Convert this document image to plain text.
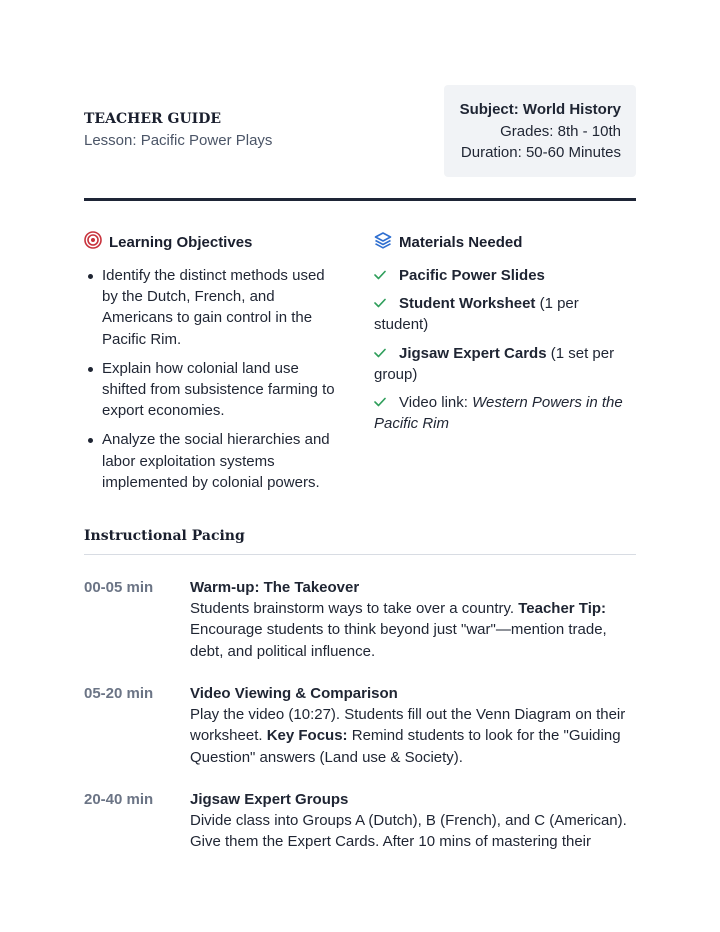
TEACHER GUIDE
Lesson: Pacific Power Plays
Subject: World History
Grades: 8th - 10th
Duration: 50-60 Minutes
Learning Objectives
Identify the distinct methods used by the Dutch, French, and Americans to gain control in the Pacific Rim.
Explain how colonial land use shifted from subsistence farming to export economies.
Analyze the social hierarchies and labor exploitation systems implemented by colonial powers.
Materials Needed
Pacific Power Slides
Student Worksheet (1 per student)
Jigsaw Expert Cards (1 set per group)
Video link: Western Powers in the Pacific Rim
Instructional Pacing
00-05 min Warm-up: The Takeover
Students brainstorm ways to take over a country. Teacher Tip: Encourage students to think beyond just "war"—mention trade, debt, and political influence.
05-20 min Video Viewing & Comparison
Play the video (10:27). Students fill out the Venn Diagram on their worksheet. Key Focus: Remind students to look for the "Guiding Question" answers (Land use & Society).
20-40 min Jigsaw Expert Groups
Divide class into Groups A (Dutch), B (French), and C (American). Give them the Expert Cards. After 10 mins of mastering their
